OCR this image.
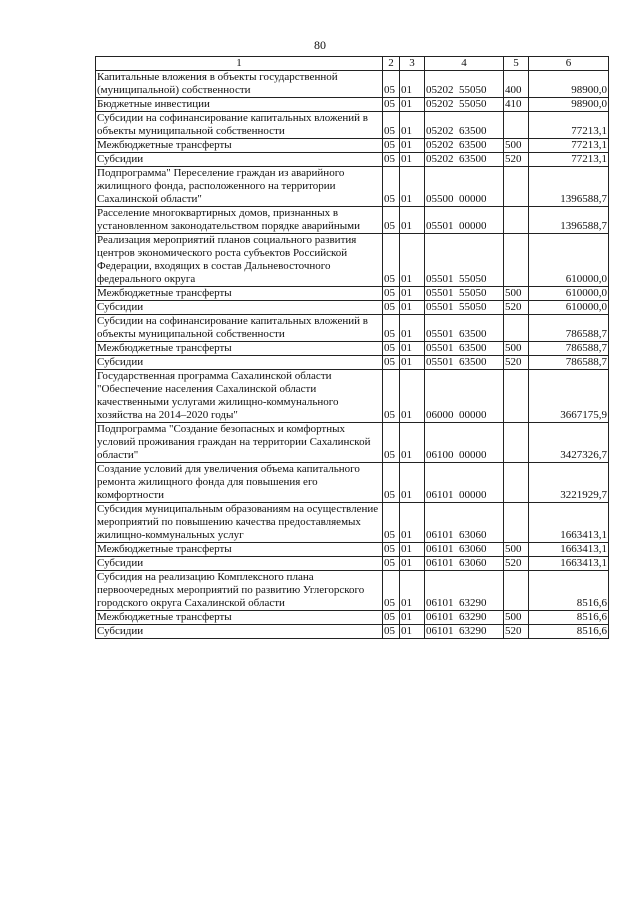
80
1	2	3	4	5	6
Капитальные вложения в объекты государственной (муниципальной) собственности	05	01	05202  55050	400	98900,0
Бюджетные инвестиции	05	01	05202  55050	410	98900,0
Субсидии на софинансирование капитальных вложений в объекты муниципальной собственности	05	01	05202  63500		77213,1
Межбюджетные трансферты	05	01	05202  63500	500	77213,1
Субсидии	05	01	05202  63500	520	77213,1
Подпрограмма" Переселение граждан из аварийного жилищного фонда, расположенного на территории Сахалинской области"	05	01	05500  00000		1396588,7
Расселение многоквартирных домов, признанных в установленном законодательством порядке аварийными	05	01	05501  00000		1396588,7
Реализация мероприятий планов социального развития центров экономического роста субъектов Российской Федерации, входящих в состав Дальневосточного федерального округа	05	01	05501  55050		610000,0
Межбюджетные трансферты	05	01	05501  55050	500	610000,0
Субсидии	05	01	05501  55050	520	610000,0
Субсидии на софинансирование капитальных вложений в объекты муниципальной собственности	05	01	05501  63500		786588,7
Межбюджетные трансферты	05	01	05501  63500	500	786588,7
Субсидии	05	01	05501  63500	520	786588,7
Государственная программа Сахалинской области "Обеспечение населения Сахалинской области качественными услугами жилищно-коммунального хозяйства на 2014–2020 годы"	05	01	06000  00000		3667175,9
Подпрограмма "Создание безопасных и комфортных условий проживания граждан на территории Сахалинской области"	05	01	06100  00000		3427326,7
Создание условий для увеличения объема капитального ремонта жилищного фонда для повышения его комфортности	05	01	06101  00000		3221929,7
Субсидия муниципальным образованиям на осуществление мероприятий по повышению качества предоставляемых жилищно-коммунальных услуг	05	01	06101  63060		1663413,1
Межбюджетные трансферты	05	01	06101  63060	500	1663413,1
Субсидии	05	01	06101  63060	520	1663413,1
Субсидия на реализацию Комплексного плана первоочередных мероприятий по развитию Углегорского городского округа Сахалинской области	05	01	06101  63290		8516,6
Межбюджетные трансферты	05	01	06101  63290	500	8516,6
Субсидии	05	01	06101  63290	520	8516,6
